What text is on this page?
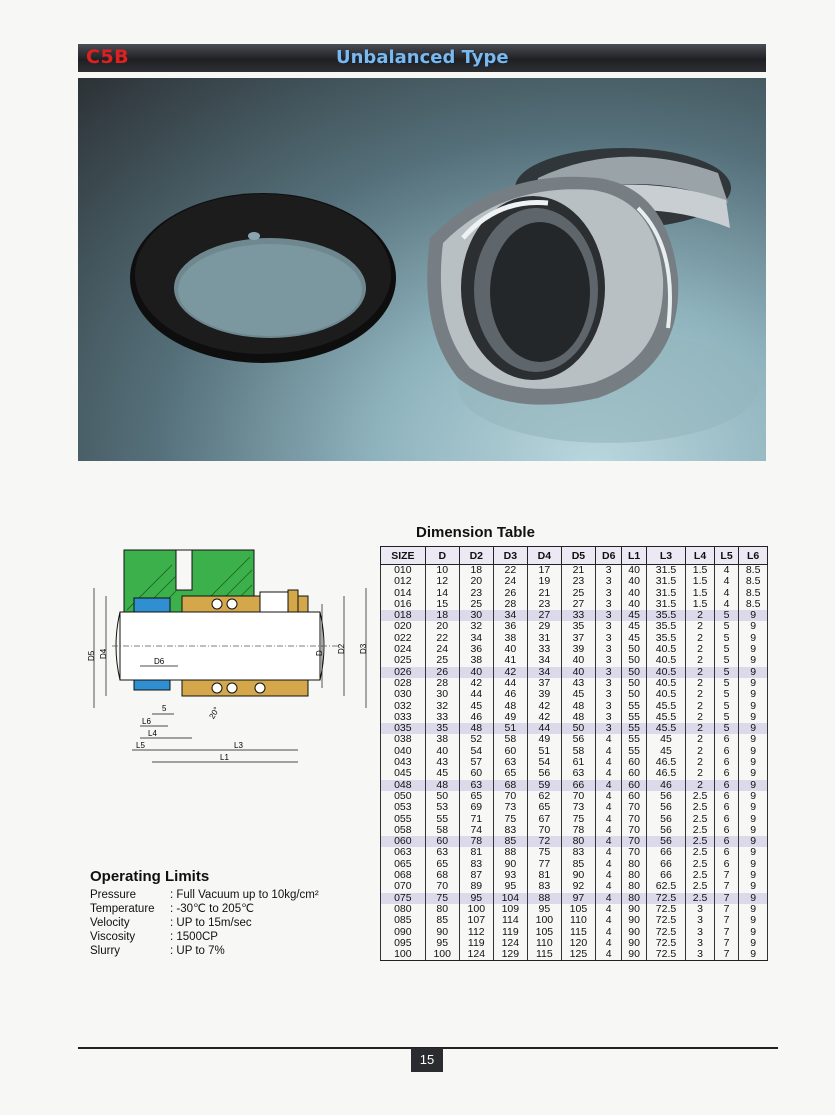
C5B	Unbalanced Type
D5 D4	D D2 D3
D6
5
L6
L4
L5	L3
L1
20°
Dimension Table
SIZE	D	D2	D3	D4	D5	D6	L1	L3	L4	L5	L6
010	10	18	22	17	21	3	40	31.5	1.5	4	8.5
012	12	20	24	19	23	3	40	31.5	1.5	4	8.5
014	14	23	26	21	25	3	40	31.5	1.5	4	8.5
016	15	25	28	23	27	3	40	31.5	1.5	4	8.5
018	18	30	34	27	33	3	45	35.5	2	5	9
020	20	32	36	29	35	3	45	35.5	2	5	9
022	22	34	38	31	37	3	45	35.5	2	5	9
024	24	36	40	33	39	3	50	40.5	2	5	9
025	25	38	41	34	40	3	50	40.5	2	5	9
026	26	40	42	34	40	3	50	40.5	2	5	9
028	28	42	44	37	43	3	50	40.5	2	5	9
030	30	44	46	39	45	3	50	40.5	2	5	9
032	32	45	48	42	48	3	55	45.5	2	5	9
033	33	46	49	42	48	3	55	45.5	2	5	9
035	35	48	51	44	50	3	55	45.5	2	5	9
038	38	52	58	49	56	4	55	45	2	6	9
040	40	54	60	51	58	4	55	45	2	6	9
043	43	57	63	54	61	4	60	46.5	2	6	9
045	45	60	65	56	63	4	60	46.5	2	6	9
048	48	63	68	59	66	4	60	46	2	6	9
050	50	65	70	62	70	4	60	56	2.5	6	9
053	53	69	73	65	73	4	70	56	2.5	6	9
055	55	71	75	67	75	4	70	56	2.5	6	9
058	58	74	83	70	78	4	70	56	2.5	6	9
060	60	78	85	72	80	4	70	56	2.5	6	9
063	63	81	88	75	83	4	70	66	2.5	6	9
065	65	83	90	77	85	4	80	66	2.5	6	9
068	68	87	93	81	90	4	80	66	2.5	7	9
070	70	89	95	83	92	4	80	62.5	2.5	7	9
075	75	95	104	88	97	4	80	72.5	2.5	7	9
080	80	100	109	95	105	4	90	72.5	3	7	9
085	85	107	114	100	110	4	90	72.5	3	7	9
090	90	112	119	105	115	4	90	72.5	3	7	9
095	95	119	124	110	120	4	90	72.5	3	7	9
100	100	124	129	115	125	4	90	72.5	3	7	9
Operating Limits
Pressure	: Full Vacuum up to 10kg/cm²
Temperature	: -30℃ to 205℃
Velocity	: UP to 15m/sec
Viscosity	: 1500CP
Slurry	: UP to 7%
15
